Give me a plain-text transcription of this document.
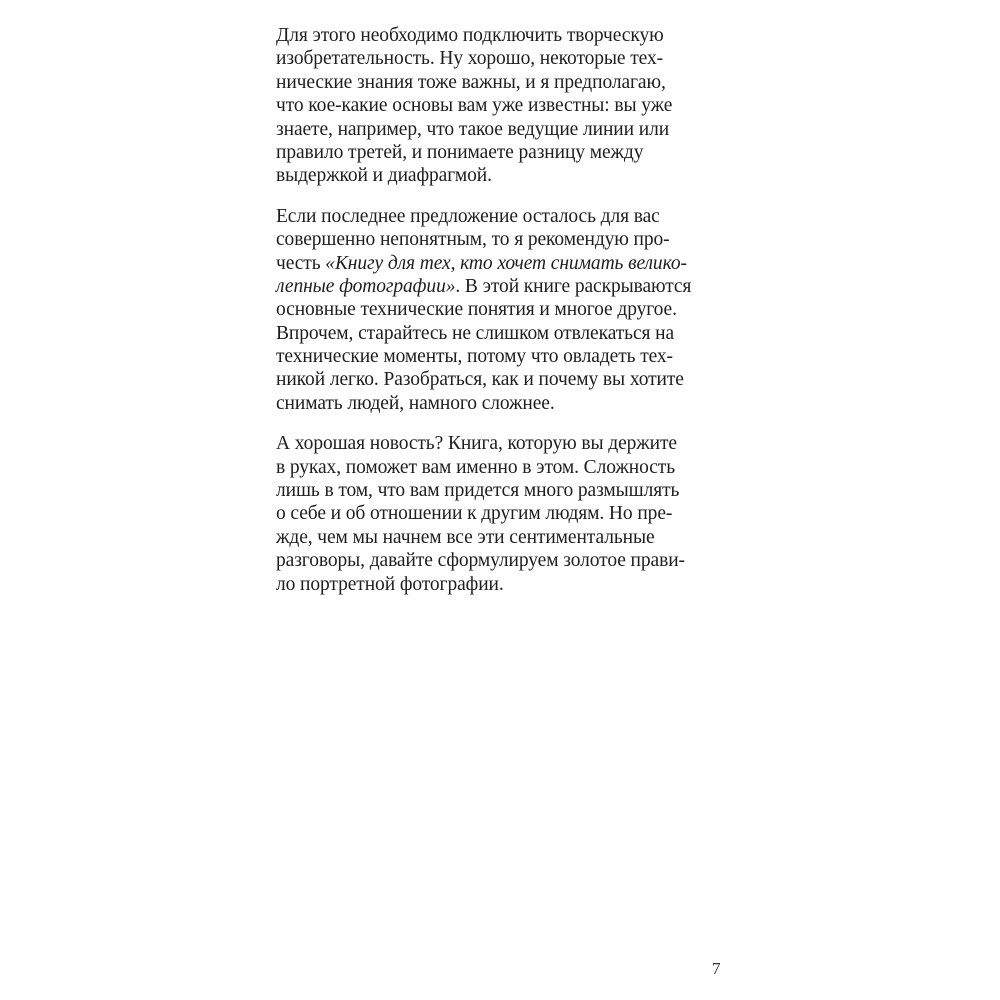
Для этого необходимо подключить творческую
изобретательность. Ну хорошо, некоторые тех-
нические знания тоже важны, и я предполагаю,
что кое-какие основы вам уже известны: вы уже
знаете, например, что такое ведущие линии или
правило третей, и понимаете разницу между
выдержкой и диафрагмой.
Если последнее предложение осталось для вас
совершенно непонятным, то я рекомендую про-
честь «Книгу для тех, кто хочет снимать велико-
лепные фотографии». В этой книге раскрываются
основные технические понятия и многое другое.
Впрочем, старайтесь не слишком отвлекаться на
технические моменты, потому что овладеть тех-
никой легко. Разобраться, как и почему вы хотите
снимать людей, намного сложнее.
А хорошая новость? Книга, которую вы держите
в руках, поможет вам именно в этом. Сложность
лишь в том, что вам придется много размышлять
о себе и об отношении к другим людям. Но пре-
жде, чем мы начнем все эти сентиментальные
разговоры, давайте сформулируем золотое прави-
ло портретной фотографии.
7
